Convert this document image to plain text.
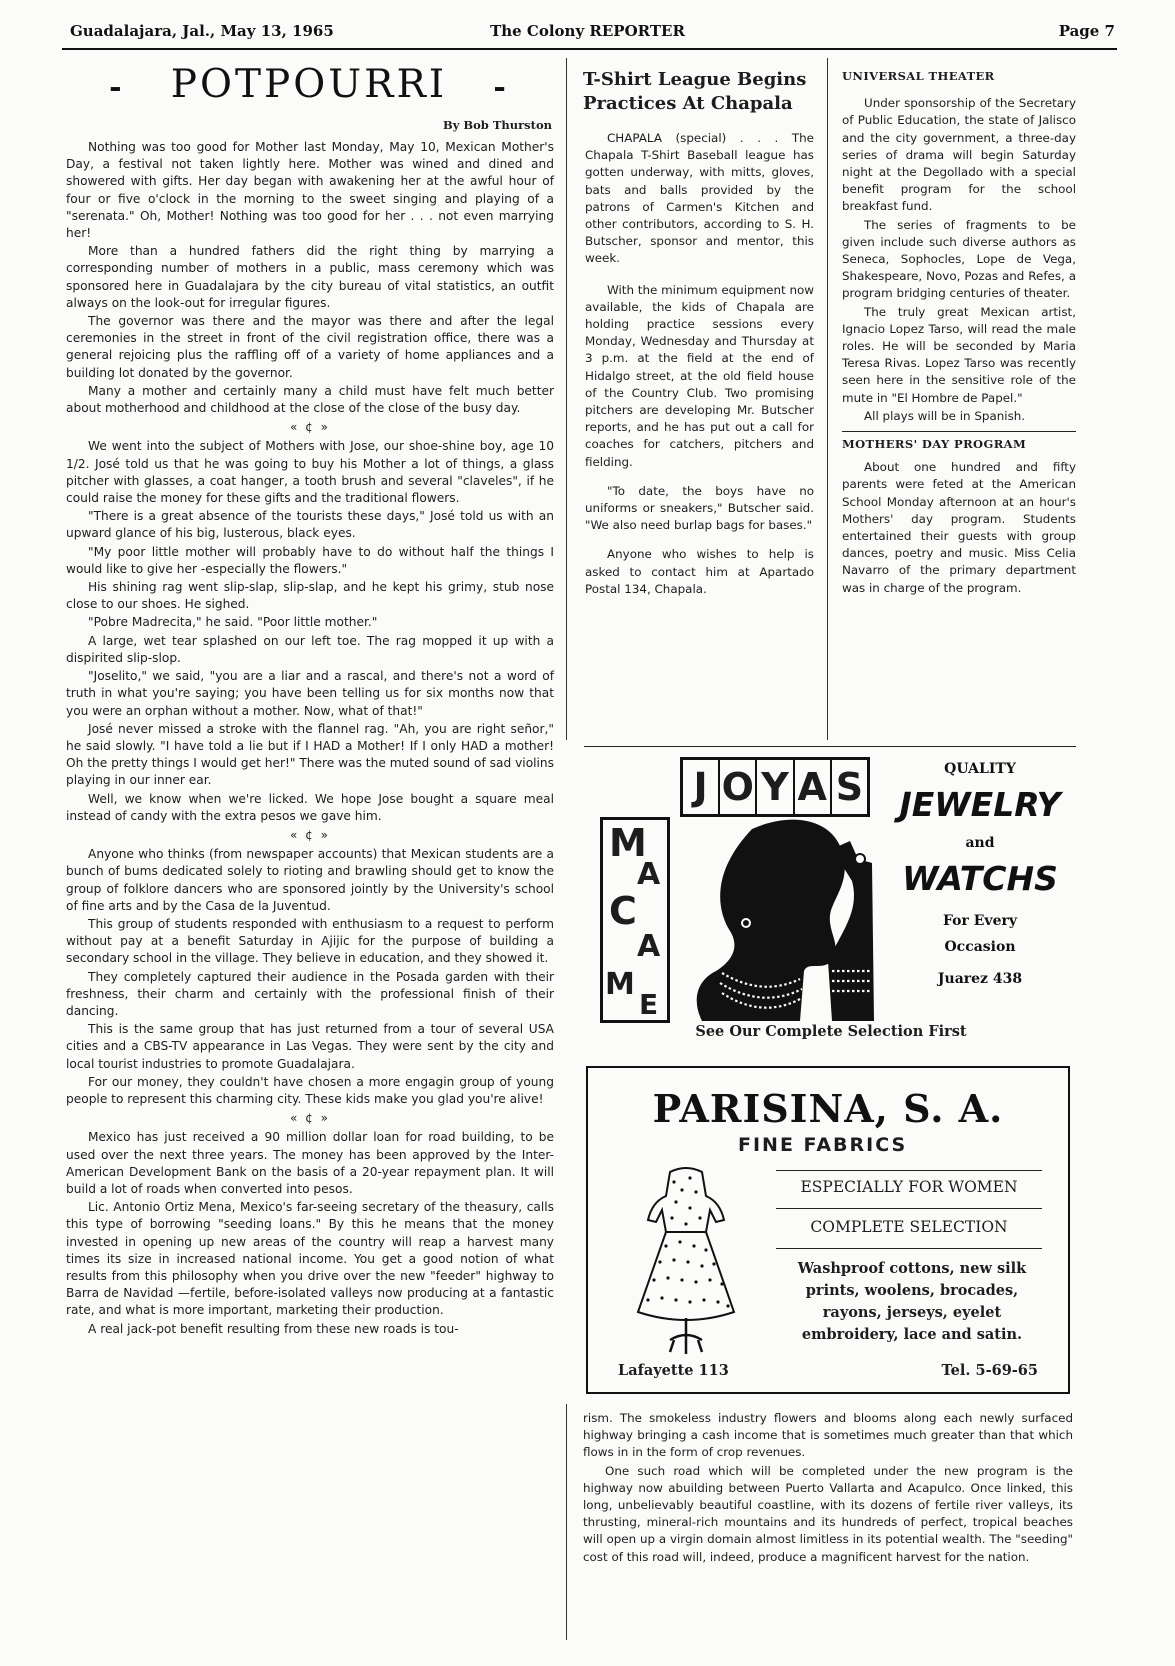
Guadalajara, Jal., May 13, 1965	The Colony REPORTER	Page 7
- POTPOURRI -
By Bob Thurston

Nothing was too good for Mother last Monday, May 10, Mexican Mother's Day, a festival not taken lightly here. Mother was wined and dined and showered with gifts. Her day began with awakening her at the awful hour of four or five o'clock in the morning to the sweet singing and playing of a "serenata." Oh, Mother! Nothing was too good for her . . . not even marrying her!

More than a hundred fathers did the right thing by marrying a corresponding number of mothers in a public, mass ceremony which was sponsored here in Guadalajara by the city bureau of vital statistics, an outfit always on the look-out for irregular figures.

The governor was there and the mayor was there and after the legal ceremonies in the street in front of the civil registration office, there was a general rejoicing plus the raffling off of a variety of home appliances and a building lot donated by the governor.

Many a mother and certainly many a child must have felt much better about motherhood and childhood at the close of the close of the busy day.

« ¢ »

We went into the subject of Mothers with Jose, our shoe-shine boy, age 10 1/2. José told us that he was going to buy his Mother a lot of things, a glass pitcher with glasses, a coat hanger, a tooth brush and several "claveles", if he could raise the money for these gifts and the traditional flowers.

"There is a great absence of the tourists these days," José told us with an upward glance of his big, lusterous, black eyes.

"My poor little mother will probably have to do without half the things I would like to give her -especially the flowers."

His shining rag went slip-slap, slip-slap, and he kept his grimy, stub nose close to our shoes. He sighed.

"Pobre Madrecita," he said. "Poor little mother."

A large, wet tear splashed on our left toe. The rag mopped it up with a dispirited slip-slop.

"Joselito," we said, "you are a liar and a rascal, and there's not a word of truth in what you're saying; you have been telling us for six months now that you were an orphan without a mother. Now, what of that!"

José never missed a stroke with the flannel rag. "Ah, you are right señor," he said slowly. "I have told a lie but if I HAD a Mother! If I only HAD a mother! Oh the pretty things I would get her!" There was the muted sound of sad violins playing in our inner ear.

Well, we know when we're licked. We hope Jose bought a square meal instead of candy with the extra pesos we gave him.

« ¢ »

Anyone who thinks (from newspaper accounts) that Mexican students are a bunch of bums dedicated solely to rioting and brawling should get to know the group of folklore dancers who are sponsored jointly by the University's school of fine arts and by the Casa de la Juventud.

This group of students responded with enthusiasm to a request to perform without pay at a benefit Saturday in Ajijic for the purpose of building a secondary school in the village. They believe in education, and they showed it.

They completely captured their audience in the Posada garden with their freshness, their charm and certainly with the professional finish of their dancing.

This is the same group that has just returned from a tour of several USA cities and a CBS-TV appearance in Las Vegas. They were sent by the city and local tourist industries to promote Guadalajara.

For our money, they couldn't have chosen a more engagin group of young people to represent this charming city. These kids make you glad you're alive!

« ¢ »

Mexico has just received a 90 million dollar loan for road building, to be used over the next three years. The money has been approved by the Inter-American Development Bank on the basis of a 20-year repayment plan. It will build a lot of roads when converted into pesos.

Lic. Antonio Ortiz Mena, Mexico's far-seeing secretary of the theasury, calls this type of borrowing "seeding loans." By this he means that the money invested in opening up new areas of the country will reap a harvest many times its size in increased national income. You get a good notion of what results from this philosophy when you drive over the new "feeder" highway to Barra de Navidad —fertile, before-isolated valleys now producing at a fantastic rate, and what is more important, marketing their production.

A real jack-pot benefit resulting from these new roads is tou-

T-Shirt League Begins Practices At Chapala

CHAPALA (special) . . . The Chapala T-Shirt Baseball league has gotten underway, with mitts, gloves, bats and balls provided by the patrons of Carmen's Kitchen and other contributors, according to S. H. Butscher, sponsor and mentor, this week.

With the minimum equipment now available, the kids of Chapala are holding practice sessions every Monday, Wednesday and Thursday at 3 p.m. at the field at the end of Hidalgo street, at the old field house of the Country Club. Two promising pitchers are developing Mr. Butscher reports, and he has put out a call for coaches for catchers, pitchers and fielding.

"To date, the boys have no uniforms or sneakers," Butscher said. "We also need burlap bags for bases."

Anyone who wishes to help is asked to contact him at Apartado Postal 134, Chapala.

UNIVERSAL THEATER

Under sponsorship of the Secretary of Public Education, the state of Jalisco and the city government, a three-day series of drama will begin Saturday night at the Degollado with a special benefit program for the school breakfast fund.

The series of fragments to be given include such diverse authors as Seneca, Sophocles, Lope de Vega, Shakespeare, Novo, Pozas and Refes, a program bridging centuries of theater.

The truly great Mexican artist, Ignacio Lopez Tarso, will read the male roles. He will be seconded by Maria Teresa Rivas. Lopez Tarso was recently seen here in the sensitive role of the mute in "El Hombre de Papel."

All plays will be in Spanish.

MOTHERS' DAY PROGRAM

About one hundred and fifty parents were feted at the American School Monday afternoon at an hour's Mothers' day program. Students entertained their guests with group dances, poetry and music. Miss Celia Navarro of the primary department was in charge of the program.

J O Y A S
M
A
C
A
M
E
QUALITY
JEWELRY
and
WATCHS
For Every
Occasion
Juarez 438
See Our Complete Selection First
PARISINA, S. A.
FINE FABRICS
ESPECIALLY FOR WOMEN
COMPLETE SELECTION
Washproof cottons, new silk prints, woolens, brocades, rayons, jerseys, eyelet embroidery, lace and satin.
Lafayette 113	Tel. 5-69-65

rism. The smokeless industry flowers and blooms along each newly surfaced highway bringing a cash income that is sometimes much greater than that which flows in in the form of crop revenues.

One such road which will be completed under the new program is the highway now abuilding between Puerto Vallarta and Acapulco. Once linked, this long, unbelievably beautiful coastline, with its dozens of fertile river valleys, its thrusting, mineral-rich mountains and its hundreds of perfect, tropical beaches will open up a virgin domain almost limitless in its potential wealth. The "seeding" cost of this road will, indeed, produce a magnificent harvest for the nation.
